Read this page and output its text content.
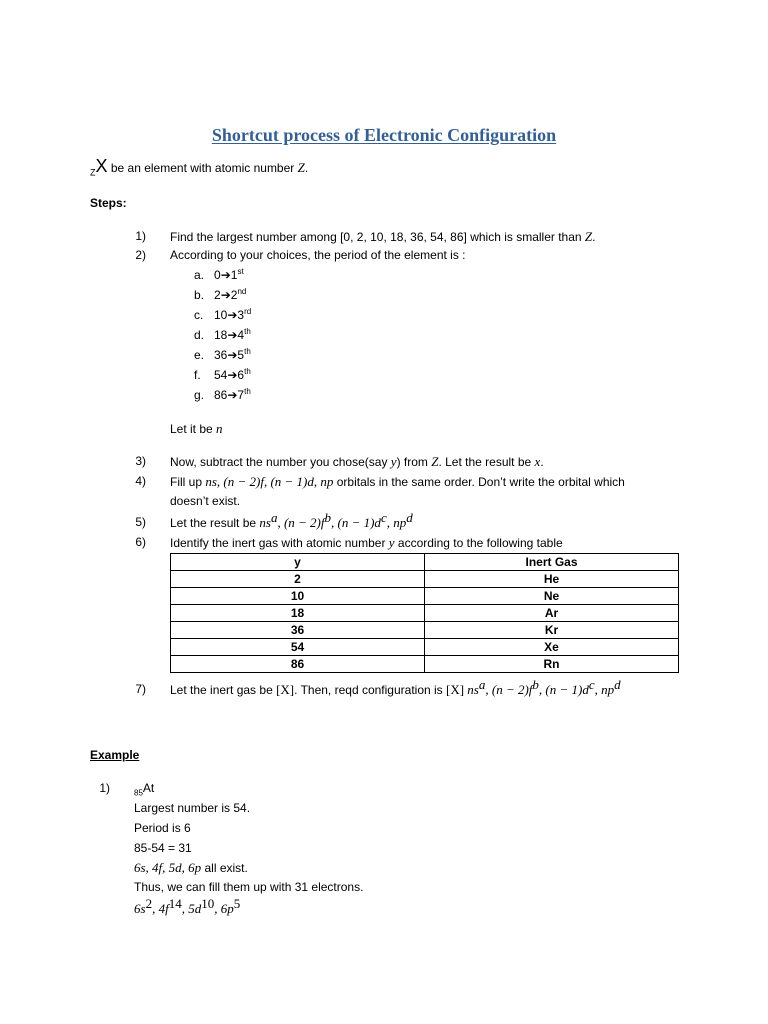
Shortcut process of Electronic Configuration
$_Z$X be an element with atomic number Z.
Steps:
1) Find the largest number among [0, 2, 10, 18, 36, 54, 86] which is smaller than Z.
2) According to your choices, the period of the element is :
a. 0➔1st
b. 2➔2nd
c. 10➔3rd
d. 18➔4th
e. 36➔5th
f. 54➔6th
g. 86➔7th
Let it be n
3) Now, subtract the number you chose(say y) from Z. Let the result be x.
4) Fill up ns, (n − 2)f, (n − 1)d, np orbitals in the same order. Don’t write the orbital which
doesn’t exist.
5) Let the result be $ns^a$, $(n - 2)f^b$, $(n - 1)d^c$, $np^d$
6) Identify the inert gas with atomic number y according to the following table
y	Inert Gas
2	He
10	Ne
18	Ar
36	Kr
54	Xe
86	Rn
7) Let the inert gas be [X]. Then, reqd configuration is [X] $ns^a$, $(n - 2)f^b$, $(n - 1)d^c$, $np^d$
Example
1)	$_{85}$At
Largest number is 54.
Period is 6
85-54 = 31
6s, 4f, 5d, 6p all exist.
Thus, we can fill them up with 31 electrons.
$6s^2$, $4f^{14}$, $5d^{10}$, $6p^5$
